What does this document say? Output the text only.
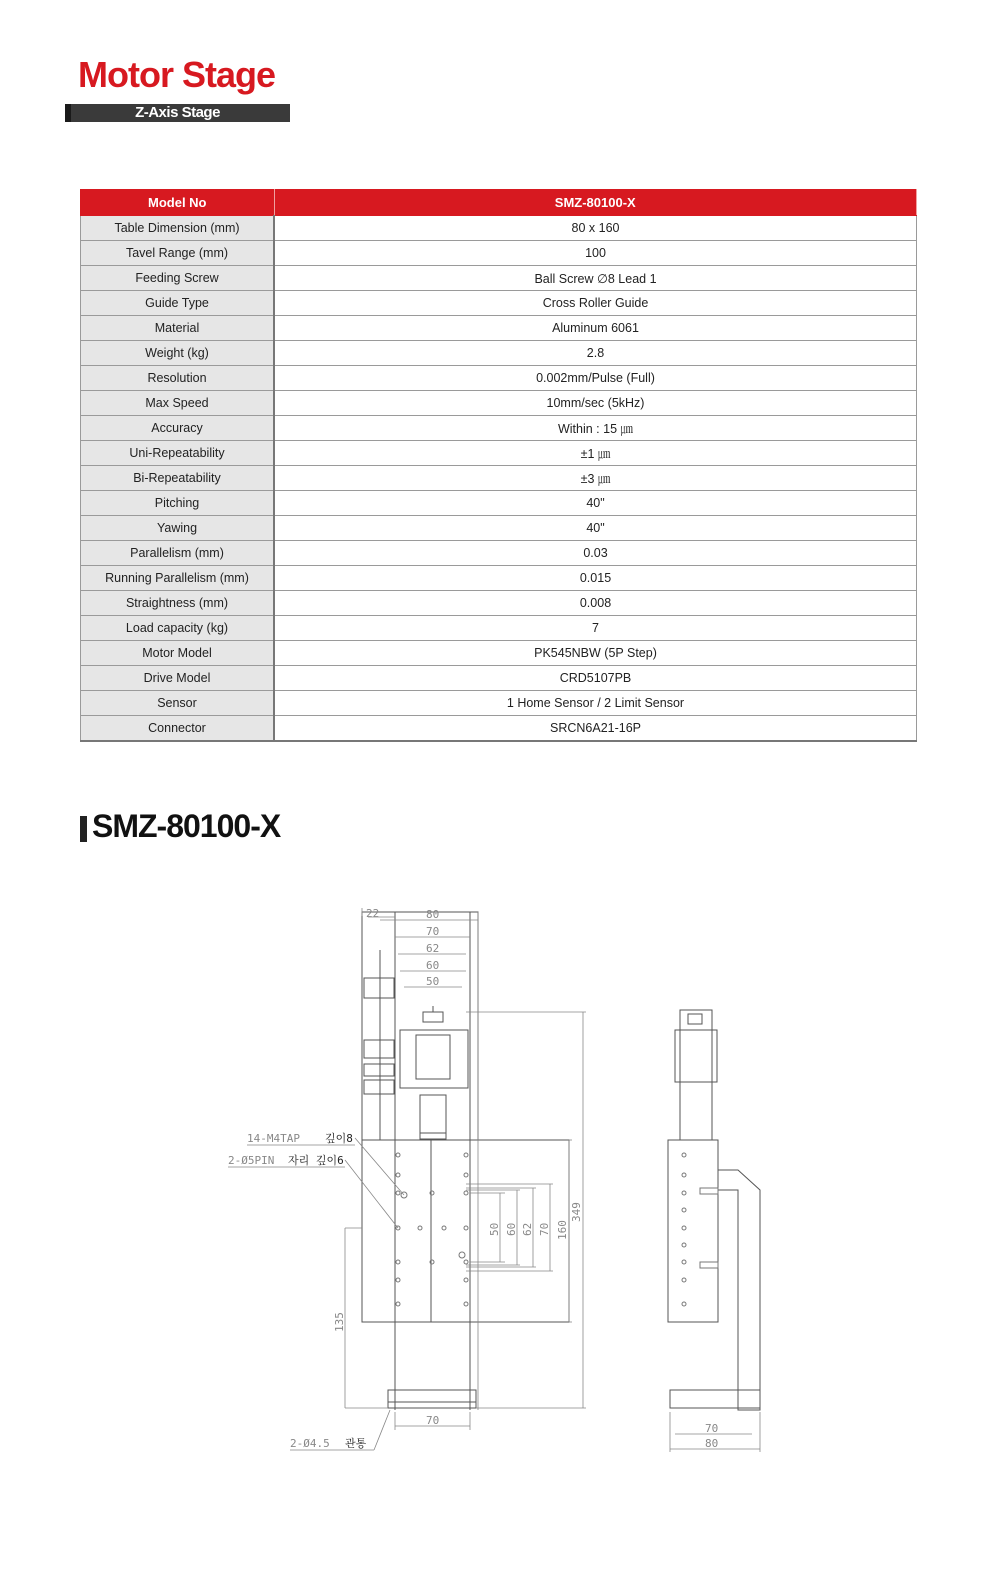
Motor Stage
Z-Axis Stage
Model No	SMZ-80100-X
Table Dimension (mm)	80 x 160
Tavel Range (mm)	100
Feeding Screw	Ball Screw ∅8 Lead 1
Guide Type	Cross Roller Guide
Material	Aluminum 6061
Weight (kg)	2.8
Resolution	0.002mm/Pulse (Full)
Max Speed	10mm/sec (5kHz)
Accuracy	Within : 15 ㎛
Uni-Repeatability	±1 ㎛
Bi-Repeatability	±3 ㎛
Pitching	40"
Yawing	40"
Parallelism (mm)	0.03
Running Parallelism (mm)	0.015
Straightness (mm)	0.008
Load capacity (kg)	7
Motor Model	PK545NBW (5P Step)
Drive Model	CRD5107PB
Sensor	1 Home Sensor / 2 Limit Sensor
Connector	SRCN6A21-16P
SMZ-80100-X
22	80
70
62
60
50
50 60 62 70 160
349
135
70
70
80
14-M4TAP 깊이8
2-Ø5PIN 자리 깊이6
2-Ø4.5 관통
